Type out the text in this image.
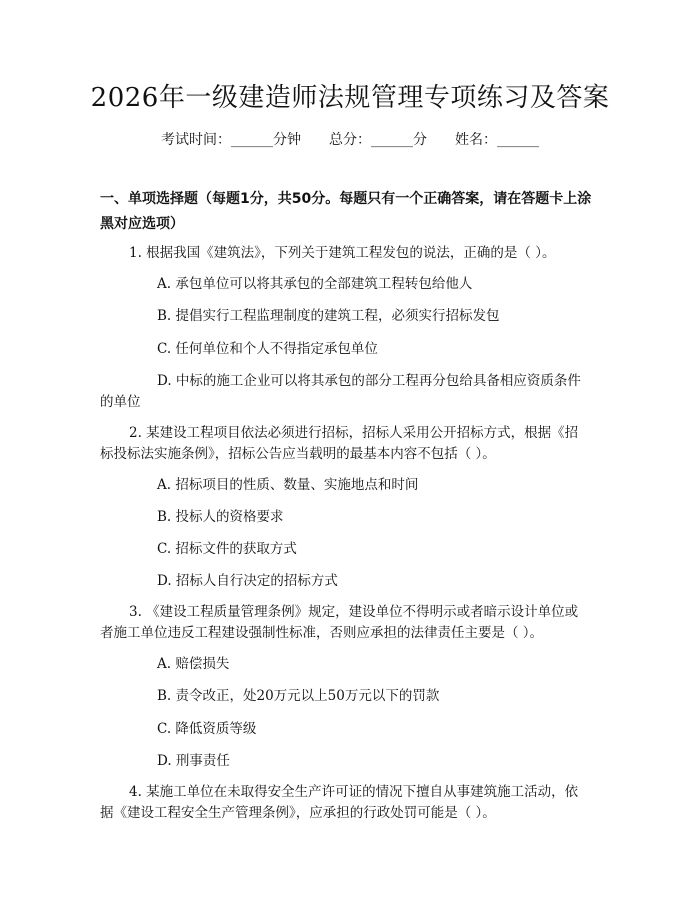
2026年一级建造师法规管理专项练习及答案
考试时间：______分钟 总分：______分 姓名：______
一、单项选择题（每题1分，共50分。每题只有一个正确答案，请在答题卡上涂黑对应选项）
1. 根据我国《建筑法》，下列关于建筑工程发包的说法，正确的是（ ）。
A. 承包单位可以将其承包的全部建筑工程转包给他人
B. 提倡实行工程监理制度的建筑工程，必须实行招标发包
C. 任何单位和个人不得指定承包单位
D. 中标的施工企业可以将其承包的部分工程再分包给具备相应资质条件
的单位
2. 某建设工程项目依法必须进行招标，招标人采用公开招标方式，根据《招
标投标法实施条例》，招标公告应当载明的最基本内容不包括（ ）。
A. 招标项目的性质、数量、实施地点和时间
B. 投标人的资格要求
C. 招标文件的获取方式
D. 招标人自行决定的招标方式
3. 《建设工程质量管理条例》规定，建设单位不得明示或者暗示设计单位或
者施工单位违反工程建设强制性标准，否则应承担的法律责任主要是（ ）。
A. 赔偿损失
B. 责令改正，处20万元以上50万元以下的罚款
C. 降低资质等级
D. 刑事责任
4. 某施工单位在未取得安全生产许可证的情况下擅自从事建筑施工活动，依
据《建设工程安全生产管理条例》，应承担的行政处罚可能是（ ）。
